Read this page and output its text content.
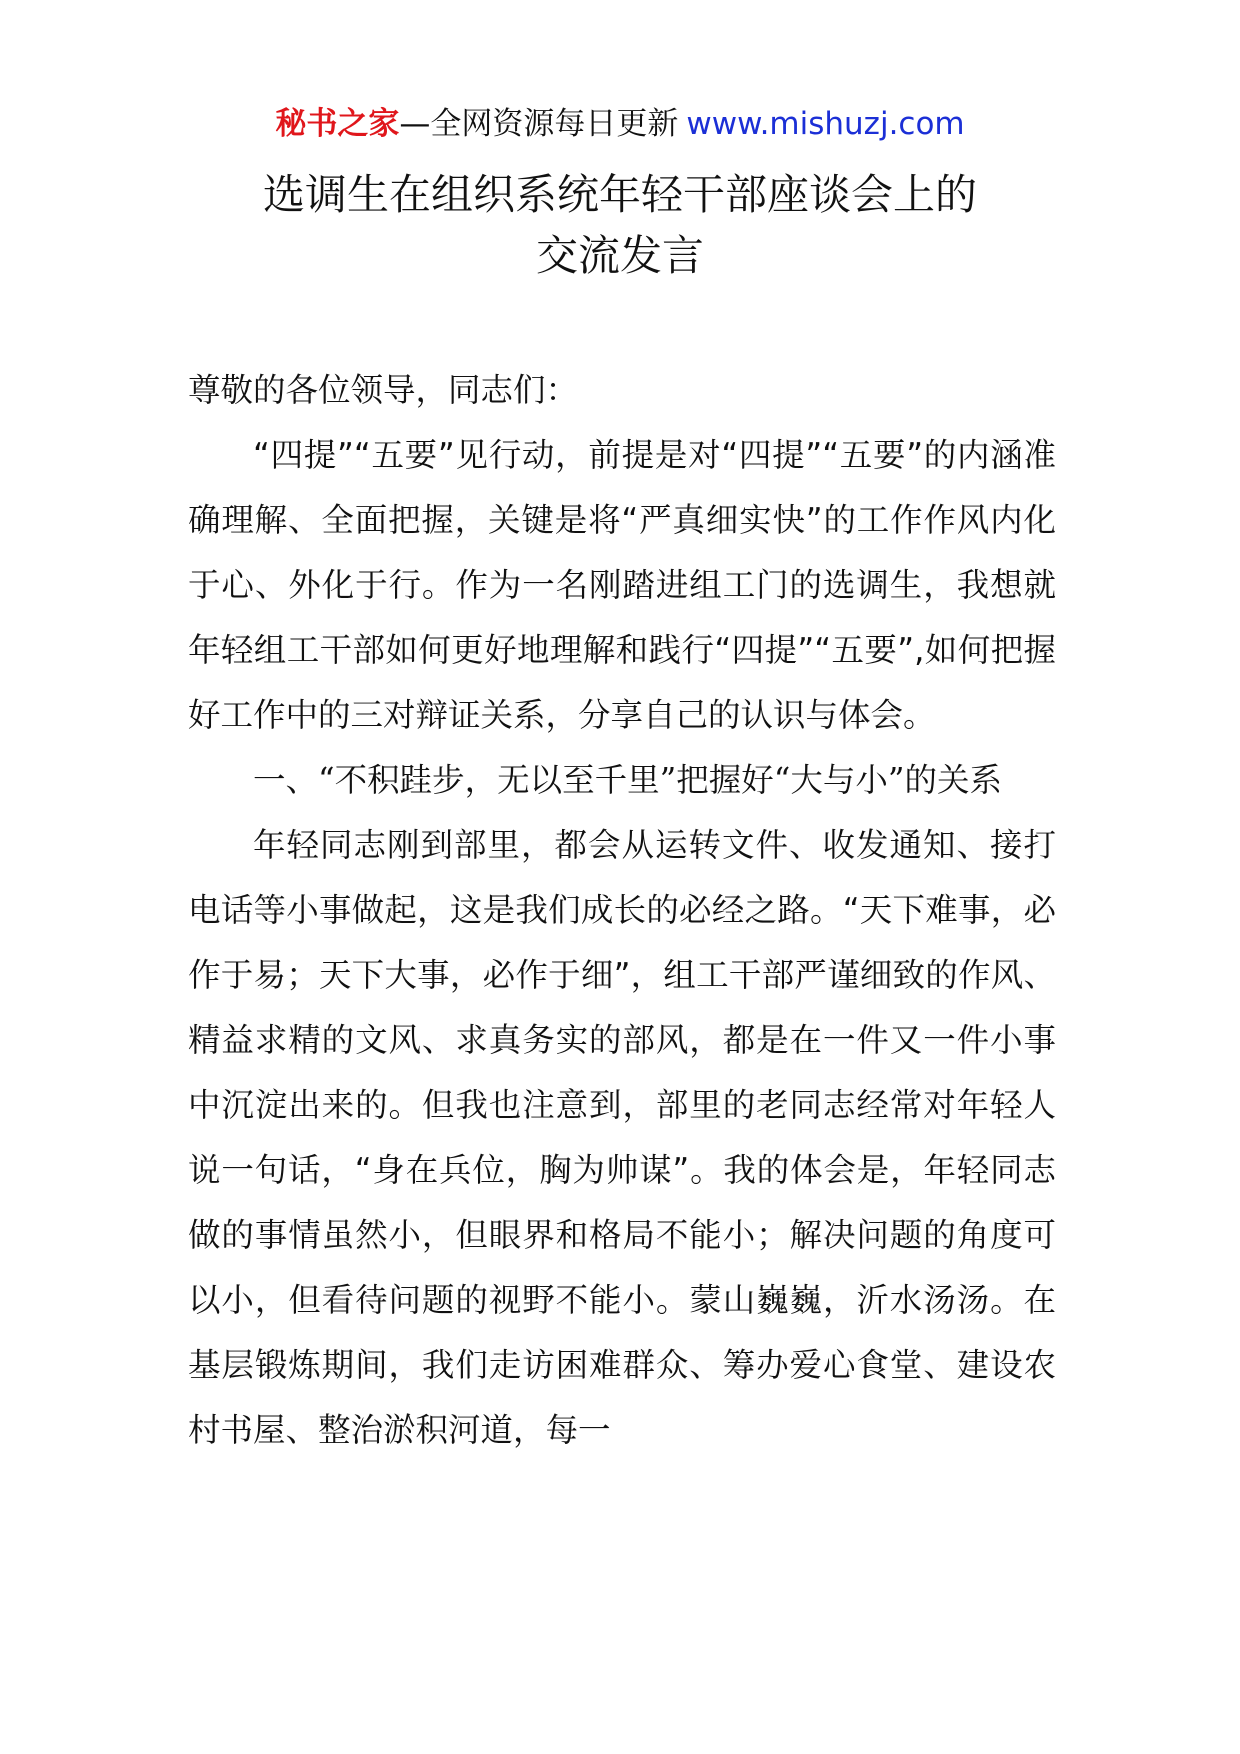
秘书之家—全网资源每日更新 www.mishuzj.com
选调生在组织系统年轻干部座谈会上的
交流发言

尊敬的各位领导，同志们：

“四提”“五要”见行动，前提是对“四提”“五要”的内涵准确理解、全面把握，关键是将“严真细实快”的工作作风内化于心、外化于行。作为一名刚踏进组工门的选调生，我想就年轻组工干部如何更好地理解和践行“四提”“五要”,如何把握好工作中的三对辩证关系，分享自己的认识与体会。

一、“不积跬步，无以至千里”把握好“大与小”的关系

年轻同志刚到部里，都会从运转文件、收发通知、接打电话等小事做起，这是我们成长的必经之路。“天下难事，必作于易；天下大事，必作于细”，组工干部严谨细致的作风、精益求精的文风、求真务实的部风，都是在一件又一件小事中沉淀出来的。但我也注意到，部里的老同志经常对年轻人说一句话，“身在兵位，胸为帅谋”。我的体会是，年轻同志做的事情虽然小，但眼界和格局不能小；解决问题的角度可以小，但看待问题的视野不能小。蒙山巍巍，沂水汤汤。在基层锻炼期间，我们走访困难群众、筹办爱心食堂、建设农村书屋、整治淤积河道，每一
